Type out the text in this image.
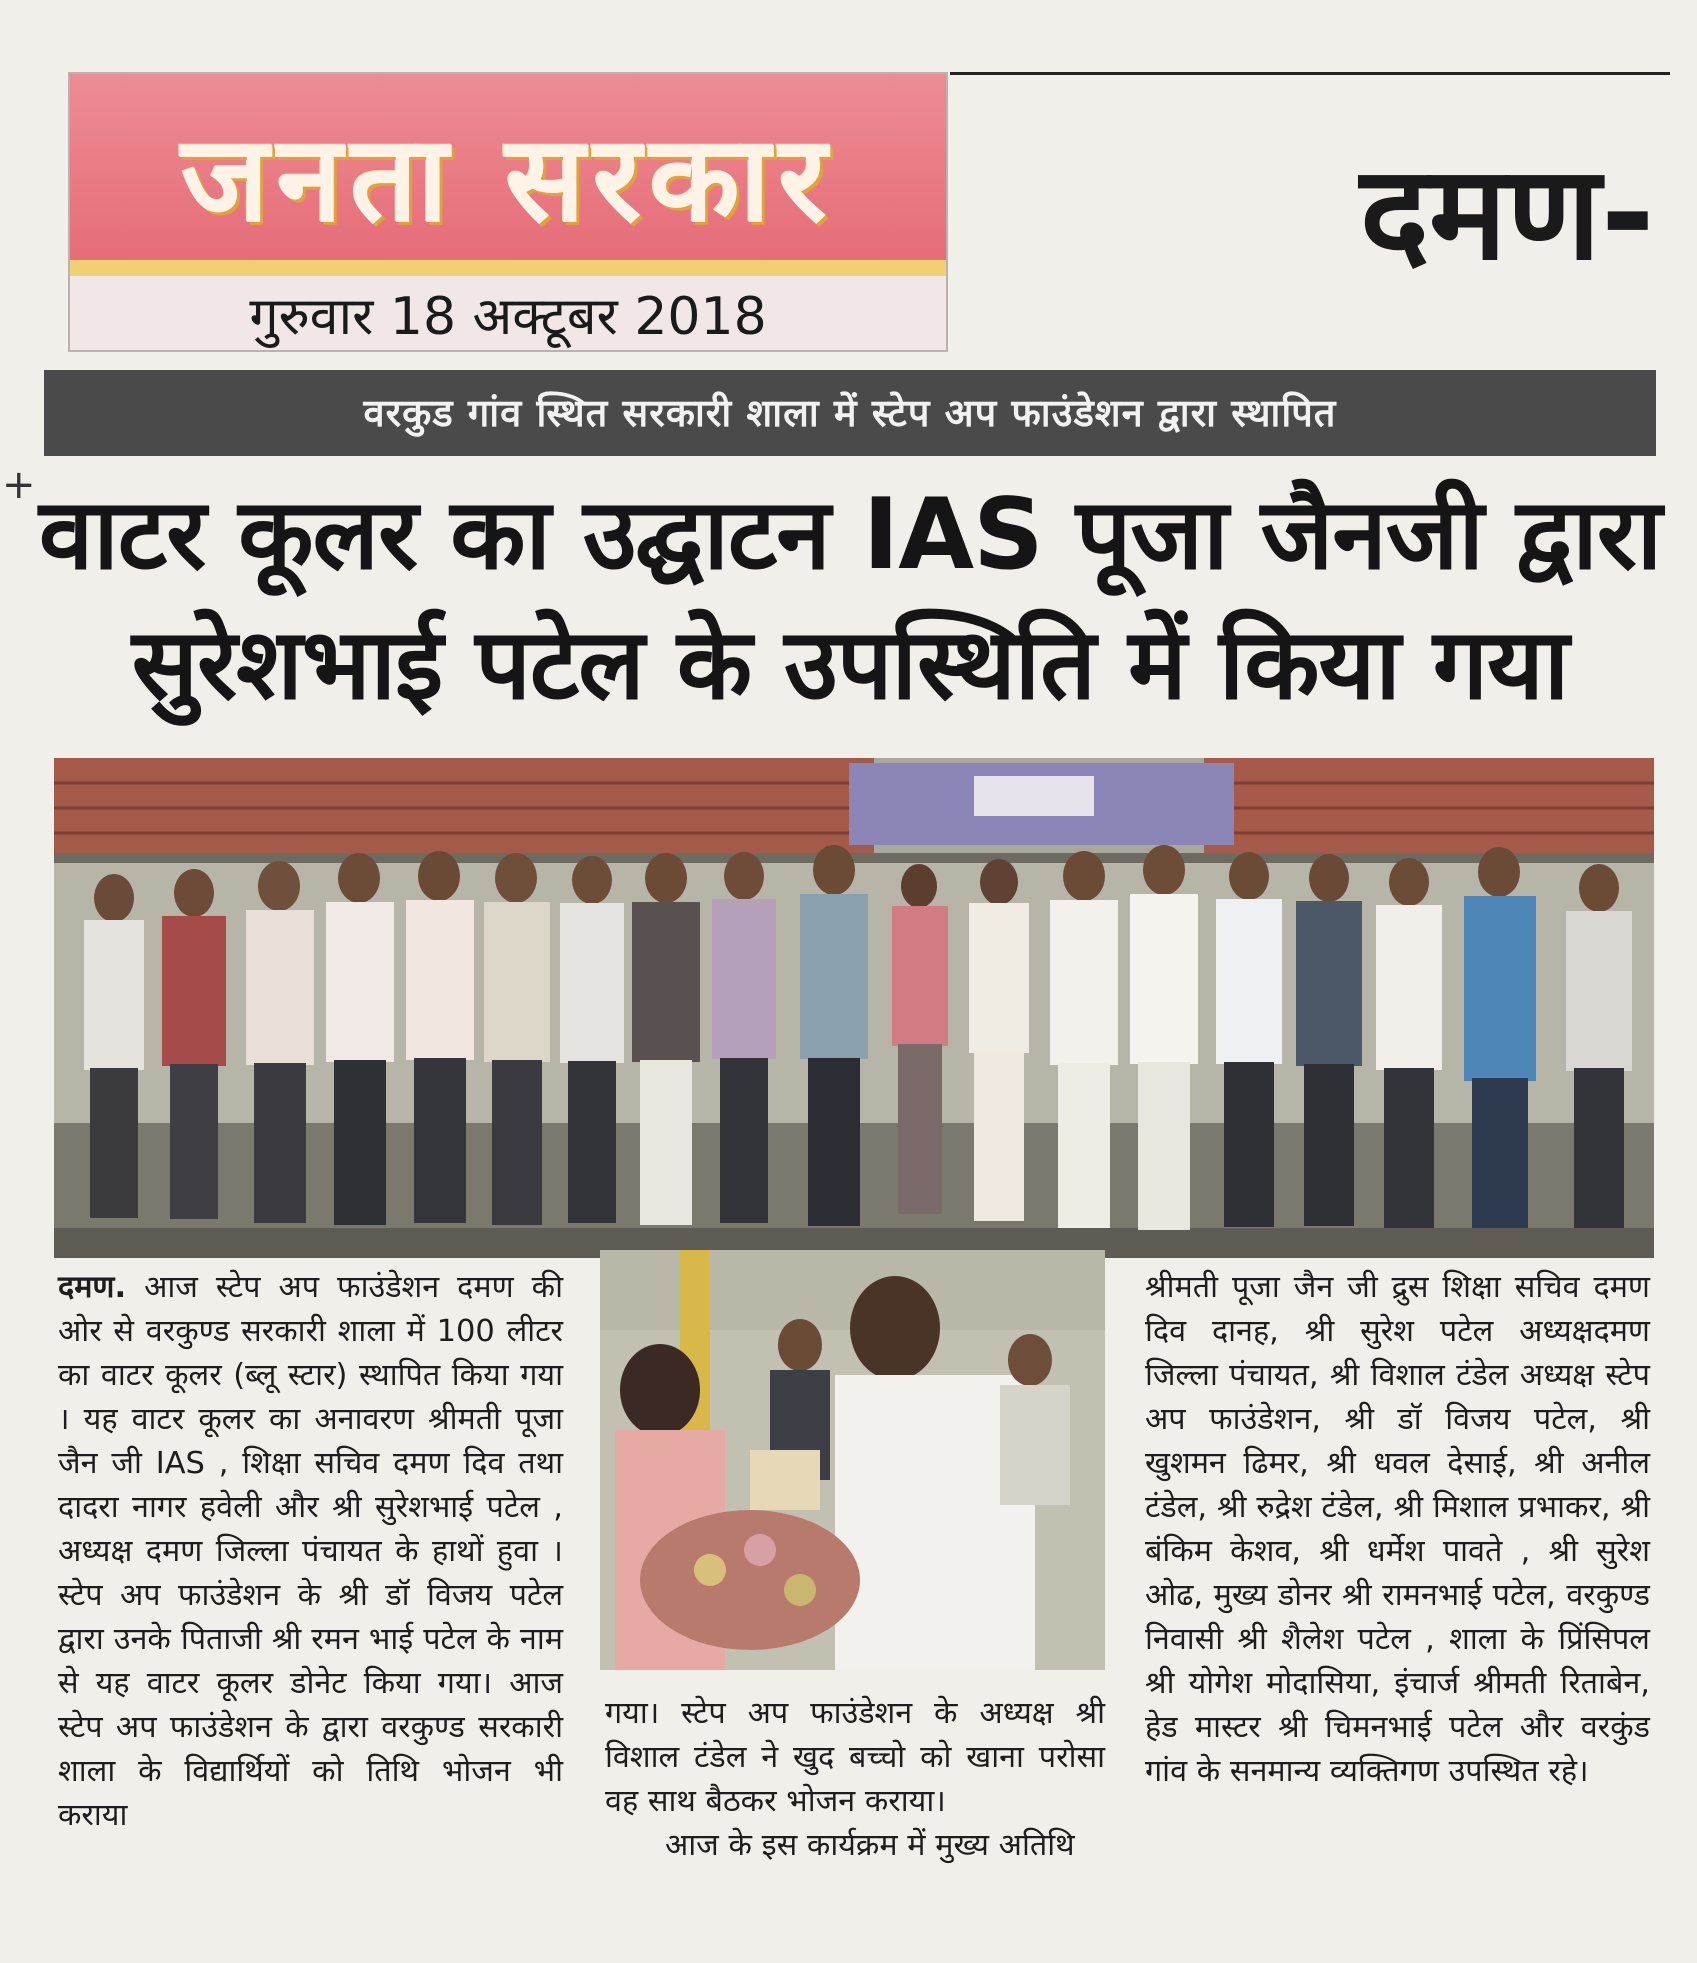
+
जनता सरकार
गुरुवार 18 अक्टूबर 2018
दमण-
वरकुड गांव स्थित सरकारी शाला में स्टेप अप फाउंडेशन द्वारा स्थापित
वाटर कूलर का उद्घाटन IAS पूजा जैनजी द्वारा
सुरेशभाई पटेल के उपस्थिति में किया गया
दमण. आज स्टेप अप फाउंडेशन दमण की ओर से वरकुण्ड सरकारी शाला में 100 लीटर का वाटर कूलर (ब्लू स्टार) स्थापित किया गया । यह वाटर कूलर का अनावरण श्रीमती पूजा जैन जी IAS , शिक्षा सचिव दमण दिव तथा दादरा नागर हवेली और श्री सुरेशभाई पटेल , अध्यक्ष दमण जिल्ला पंचायत के हाथों हुवा । स्टेप अप फाउंडेशन के श्री डॉ विजय पटेल द्वारा उनके पिताजी श्री रमन भाई पटेल के नाम से यह वाटर कूलर डोनेट किया गया। आज स्टेप अप फाउंडेशन के द्वारा वरकुण्ड सरकारी शाला के विद्यार्थियों को तिथि भोजन भी कराया
गया। स्टेप अप फाउंडेशन के अध्यक्ष श्री विशाल टंडेल ने खुद बच्चो को खाना परोसा वह साथ बैठकर भोजन कराया।
आज के इस कार्यक्रम में मुख्य अतिथि
श्रीमती पूजा जैन जी द्रुस शिक्षा सचिव दमण दिव दानह, श्री सुरेश पटेल अध्यक्षदमण जिल्ला पंचायत, श्री विशाल टंडेल अध्यक्ष स्टेप अप फाउंडेशन, श्री डॉ विजय पटेल, श्री खुशमन ढिमर, श्री धवल देसाई, श्री अनील टंडेल, श्री रुद्रेश टंडेल, श्री मिशाल प्रभाकर, श्री बंकिम केशव, श्री धर्मेश पावते , श्री सुरेश ओढ, मुख्य डोनर श्री रामनभाई पटेल, वरकुण्ड निवासी श्री शैलेश पटेल , शाला के प्रिंसिपल श्री योगेश मोदासिया, इंचार्ज श्रीमती रिताबेन, हेड मास्टर श्री चिमनभाई पटेल और वरकुंड गांव के सनमान्य व्यक्तिगण उपस्थित रहे।
